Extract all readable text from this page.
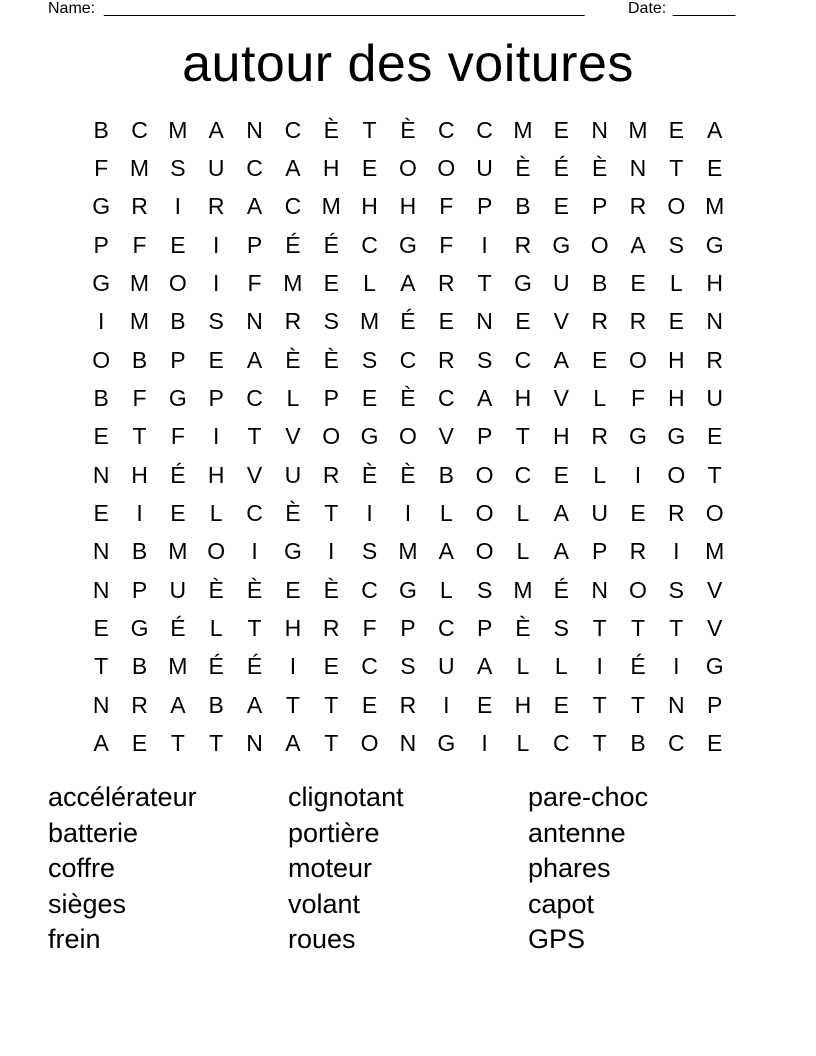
Name: ______________________________________________________	Date: _______
autour des voitures
B C M A N C È	T	È C C M E N M E	A
F M S U C A H E O O U È	É	È N	T	E
G R	I	R A C M H H	F	P	B	E	P R O M
P	F	E	I	P	É	É C G F	I	R G O A	S G
G M O	I	F M E	L	A R	T G U B	E	L	H
I	M B	S N R S M É	E N E	V R R E N
O B	P	E	A	È	È	S C R S C A	E O H R
B	F G P C	L	P	E	È C A H V	L	F	H U
E	T	F	I	T	V O G O V	P	T	H R G G E
N H É H V U R È	È	B O C E	L	I	O T
E	I	E	L	C È	T	I	I	L	O	L	A U E R O
N B M O	I	G	I	S M A O	L	A	P R	I	M
N P U È	È	E	È C G	L	S M É N O S	V
E G É	L	T	H R	F	P C P	È	S	T	T	T	V
T	B M É	É	I	E C S U A	L	L	I	É	I	G
N R A	B	A	T	T	E R	I	E H E	T	T	N P
A	E	T	T	N A	T O N G	I	L	C	T	B C E
accélérateur
batterie
coffre
sièges
frein
clignotant
portière
moteur
volant
roues
pare-choc
antenne
phares
capot
GPS
